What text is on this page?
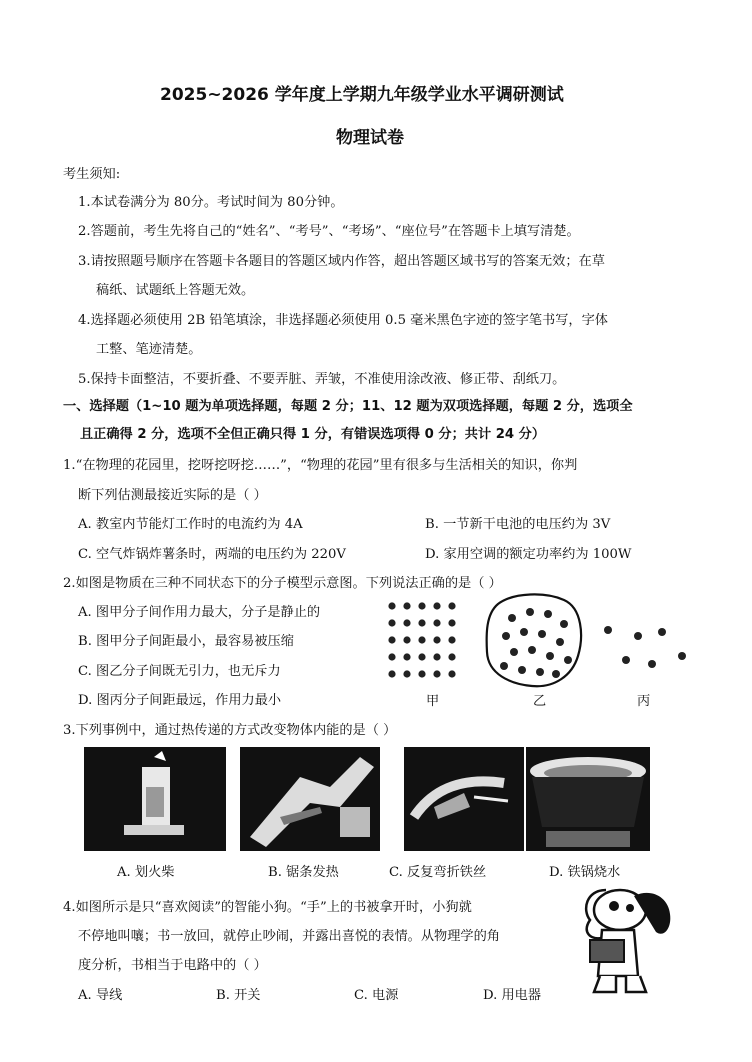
2025~2026 学年度上学期九年级学业水平调研测试
物理试卷
考生须知:
1.本试卷满分为 80分。考试时间为 80分钟。
2.答题前，考生先将自己的“姓名”、“考号”、“考场”、“座位号”在答题卡上填写清楚。
3.请按照题号顺序在答题卡各题目的答题区域内作答，超出答题区域书写的答案无效；在草
稿纸、试题纸上答题无效。
4.选择题必须使用 2B 铅笔填涂，非选择题必须使用 0.5 毫米黑色字迹的签字笔书写，字体
工整、笔迹清楚。
5.保持卡面整洁，不要折叠、不要弄脏、弄皱，不准使用涂改液、修正带、刮纸刀。
一、选择题（1~10 题为单项选择题，每题 2 分；11、12 题为双项选择题，每题 2 分，选项全
且正确得 2 分，选项不全但正确只得 1 分，有错误选项得 0 分；共计 24 分）
1.“在物理的花园里，挖呀挖呀挖……”，“物理的花园”里有很多与生活相关的知识，你判
断下列估测最接近实际的是（ ）
A. 教室内节能灯工作时的电流约为 4A	B. 一节新干电池的电压约为 3V
C. 空气炸锅炸薯条时，两端的电压约为 220V	D. 家用空调的额定功率约为 100W
2.如图是物质在三种不同状态下的分子模型示意图。下列说法正确的是（ ）
A. 图甲分子间作用力最大，分子是静止的
B. 图甲分子间距最小，最容易被压缩
C. 图乙分子间既无引力，也无斥力
D. 图丙分子间距最远，作用力最小	甲	乙	丙
3.下列事例中，通过热传递的方式改变物体内能的是（ ）
A. 划火柴	B. 锯条发热	C. 反复弯折铁丝	D. 铁锅烧水
4.如图所示是只“喜欢阅读”的智能小狗。“手”上的书被拿开时，小狗就
不停地叫嚷；书一放回，就停止吵闹，并露出喜悦的表情。从物理学的角
度分析，书相当于电路中的（ ）
A. 导线	B. 开关	C. 电源	D. 用电器
